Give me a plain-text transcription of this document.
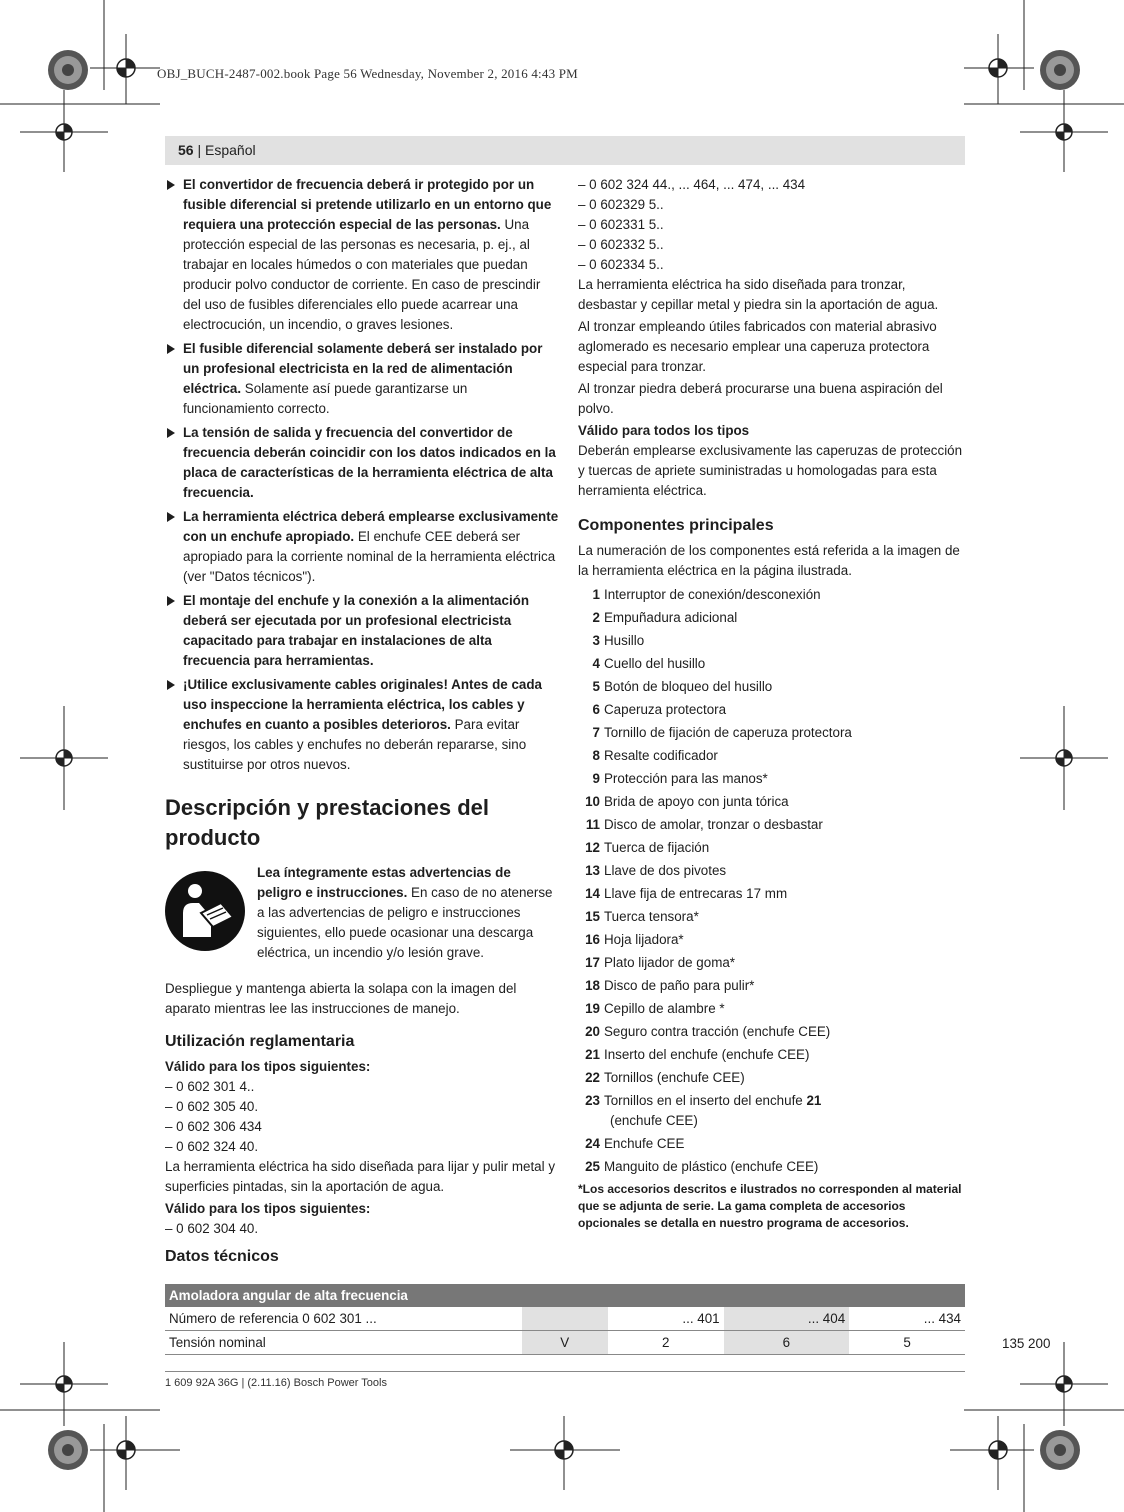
OBJ_BUCH-2487-002.book Page 56 Wednesday, November 2, 2016 4:43 PM
56 | Español
El convertidor de frecuencia deberá ir protegido por un fusible diferencial si pretende utilizarlo en un entorno que requiera una protección especial de las personas. Una protección especial de las personas es necesaria, p. ej., al trabajar en locales húmedos o con materiales que puedan producir polvo conductor de corriente. En caso de prescindir del uso de fusibles diferenciales ello puede acarrear una electrocución, un incendio, o graves lesiones.
El fusible diferencial solamente deberá ser instalado por un profesional electricista en la red de alimentación eléctrica. Solamente así puede garantizarse un funcionamiento correcto.
La tensión de salida y frecuencia del convertidor de frecuencia deberán coincidir con los datos indicados en la placa de características de la herramienta eléctrica de alta frecuencia.
La herramienta eléctrica deberá emplearse exclusivamente con un enchufe apropiado. El enchufe CEE deberá ser apropiado para la corriente nominal de la herramienta eléctrica (ver "Datos técnicos").
El montaje del enchufe y la conexión a la alimentación deberá ser ejecutada por un profesional electricista capacitado para trabajar en instalaciones de alta frecuencia para herramientas.
¡Utilice exclusivamente cables originales! Antes de cada uso inspeccione la herramienta eléctrica, los cables y enchufes en cuanto a posibles deterioros. Para evitar riesgos, los cables y enchufes no deberán repararse, sino sustituirse por otros nuevos.
Descripción y prestaciones del producto
Lea íntegramente estas advertencias de peligro e instrucciones. En caso de no atenerse a las advertencias de peligro e instrucciones siguientes, ello puede ocasionar una descarga eléctrica, un incendio y/o lesión grave.
Despliegue y mantenga abierta la solapa con la imagen del aparato mientras lee las instrucciones de manejo.
Utilización reglamentaria
Válido para los tipos siguientes:
– 0 602 301 4..
– 0 602 305 40.
– 0 602 306 434
– 0 602 324 40.
La herramienta eléctrica ha sido diseñada para lijar y pulir metal y superficies pintadas, sin la aportación de agua.
Válido para los tipos siguientes:
– 0 602 304 40.
– 0 602 324 44., ... 464, ... 474, ... 434
– 0 602329 5..
– 0 602331 5..
– 0 602332 5..
– 0 602334 5..
La herramienta eléctrica ha sido diseñada para tronzar, desbastar y cepillar metal y piedra sin la aportación de agua.
Al tronzar empleando útiles fabricados con material abrasivo aglomerado es necesario emplear una caperuza protectora especial para tronzar.
Al tronzar piedra deberá procurarse una buena aspiración del polvo.
Válido para todos los tipos
Deberán emplearse exclusivamente las caperuzas de protección y tuercas de apriete suministradas u homologadas para esta herramienta eléctrica.
Componentes principales
La numeración de los componentes está referida a la imagen de la herramienta eléctrica en la página ilustrada.
1 Interruptor de conexión/desconexión
2 Empuñadura adicional
3 Husillo
4 Cuello del husillo
5 Botón de bloqueo del husillo
6 Caperuza protectora
7 Tornillo de fijación de caperuza protectora
8 Resalte codificador
9 Protección para las manos*
10 Brida de apoyo con junta tórica
11 Disco de amolar, tronzar o desbastar
12 Tuerca de fijación
13 Llave de dos pivotes
14 Llave fija de entrecaras 17 mm
15 Tuerca tensora*
16 Hoja lijadora*
17 Plato lijador de goma*
18 Disco de paño para pulir*
19 Cepillo de alambre *
20 Seguro contra tracción (enchufe CEE)
21 Inserto del enchufe (enchufe CEE)
22 Tornillos (enchufe CEE)
23 Tornillos en el inserto del enchufe 21
(enchufe CEE)
24 Enchufe CEE
25 Manguito de plástico (enchufe CEE)
*Los accesorios descritos e ilustrados no corresponden al material que se adjunta de serie. La gama completa de accesorios opcionales se detalla en nuestro programa de accesorios.
Datos técnicos
Amoladora angular de alta frecuencia				
Número de referencia 0 602 301 ...		... 401	... 404	... 434
Tensión nominal	V	2	6	5	135 200
1 609 92A 36G | (2.11.16) Bosch Power Tools
